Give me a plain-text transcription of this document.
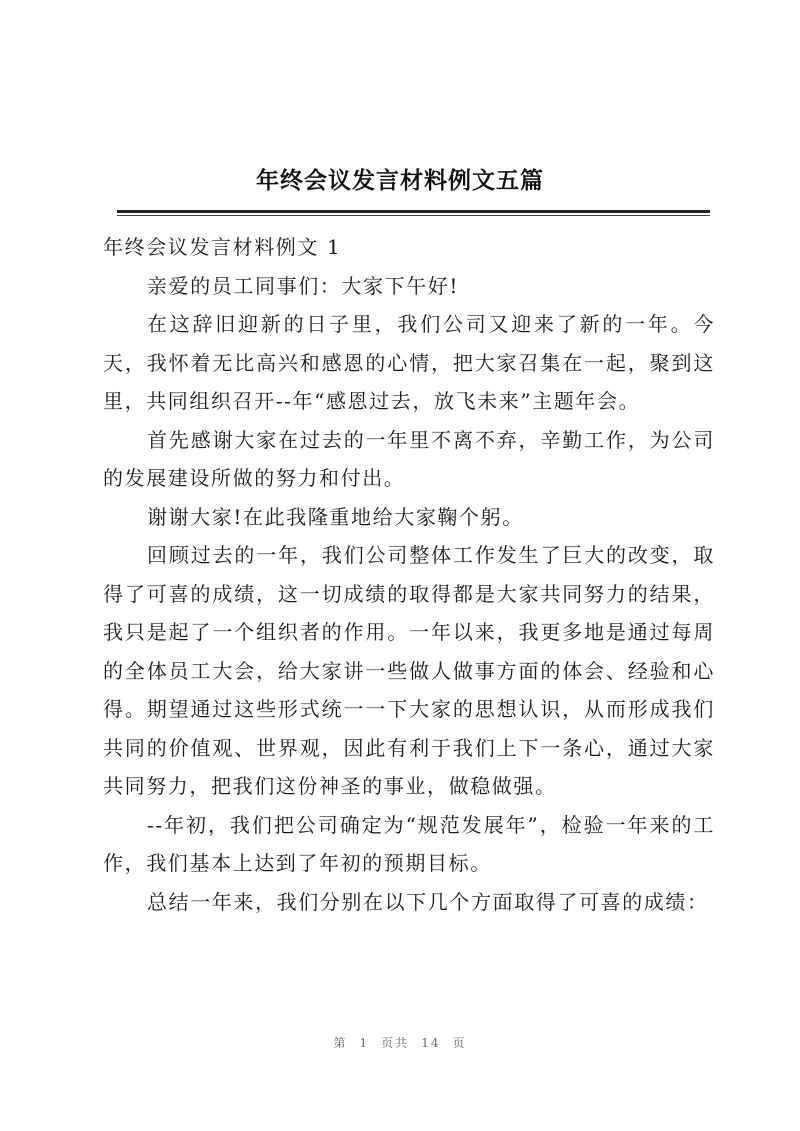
年终会议发言材料例文五篇

年终会议发言材料例文 1

亲爱的员工同事们：大家下午好!

在这辞旧迎新的日子里，我们公司又迎来了新的一年。今天，我怀着无比高兴和感恩的心情，把大家召集在一起，聚到这里，共同组织召开--年“感恩过去，放飞未来”主题年会。

首先感谢大家在过去的一年里不离不弃，辛勤工作，为公司的发展建设所做的努力和付出。

谢谢大家!在此我隆重地给大家鞠个躬。

回顾过去的一年，我们公司整体工作发生了巨大的改变，取得了可喜的成绩，这一切成绩的取得都是大家共同努力的结果，我只是起了一个组织者的作用。一年以来，我更多地是通过每周的全体员工大会，给大家讲一些做人做事方面的体会、经验和心得。期望通过这些形式统一一下大家的思想认识，从而形成我们共同的价值观、世界观，因此有利于我们上下一条心，通过大家共同努力，把我们这份神圣的事业，做稳做强。

--年初，我们把公司确定为“规范发展年”，检验一年来的工作，我们基本上达到了年初的预期目标。

总结一年来，我们分别在以下几个方面取得了可喜的成绩：

第 1 页共 14 页
